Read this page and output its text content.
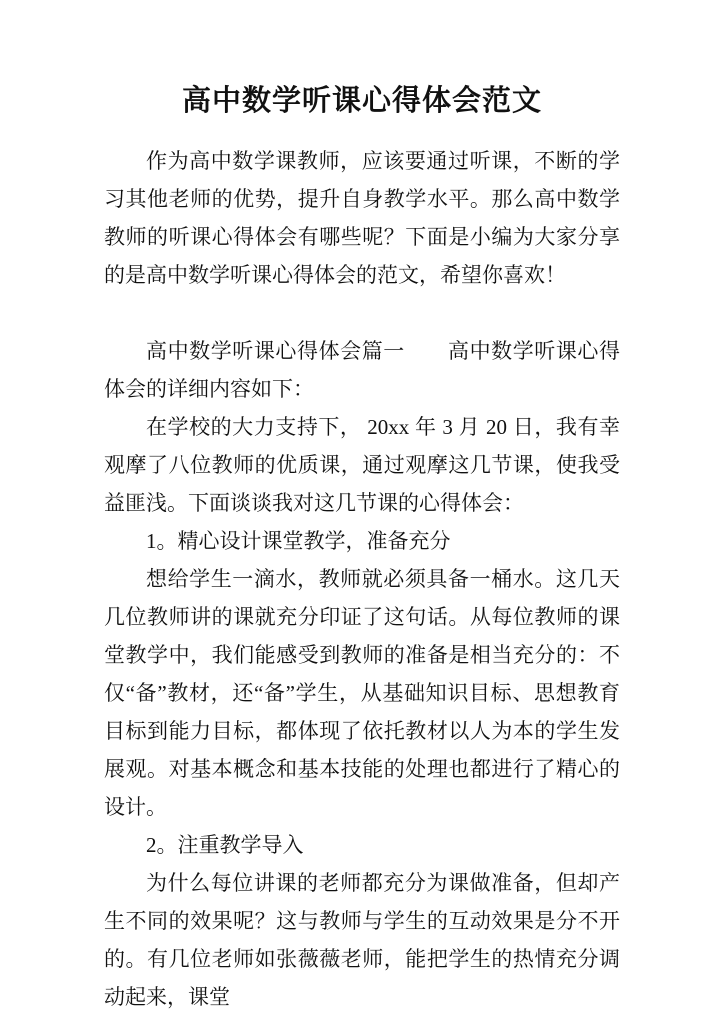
高中数学听课心得体会范文

作为高中数学课教师，应该要通过听课，不断的学习其他老师的优势，提升自身教学水平。那么高中数学教师的听课心得体会有哪些呢？下面是小编为大家分享的是高中数学听课心得体会的范文，希望你喜欢！

高中数学听课心得体会篇一　　高中数学听课心得体会的详细内容如下：

在学校的大力支持下， 20xx 年 3 月 20 日，我有幸观摩了八位教师的优质课，通过观摩这几节课，使我受益匪浅。下面谈谈我对这几节课的心得体会：

1。精心设计课堂教学，准备充分

想给学生一滴水，教师就必须具备一桶水。这几天几位教师讲的课就充分印证了这句话。从每位教师的课堂教学中，我们能感受到教师的准备是相当充分的：不仅“备”教材，还“备”学生，从基础知识目标、思想教育目标到能力目标，都体现了依托教材以人为本的学生发展观。对基本概念和基本技能的处理也都进行了精心的设计。

2。注重教学导入

为什么每位讲课的老师都充分为课做准备，但却产生不同的效果呢？这与教师与学生的互动效果是分不开的。有几位老师如张薇薇老师，能把学生的热情充分调动起来，课堂
